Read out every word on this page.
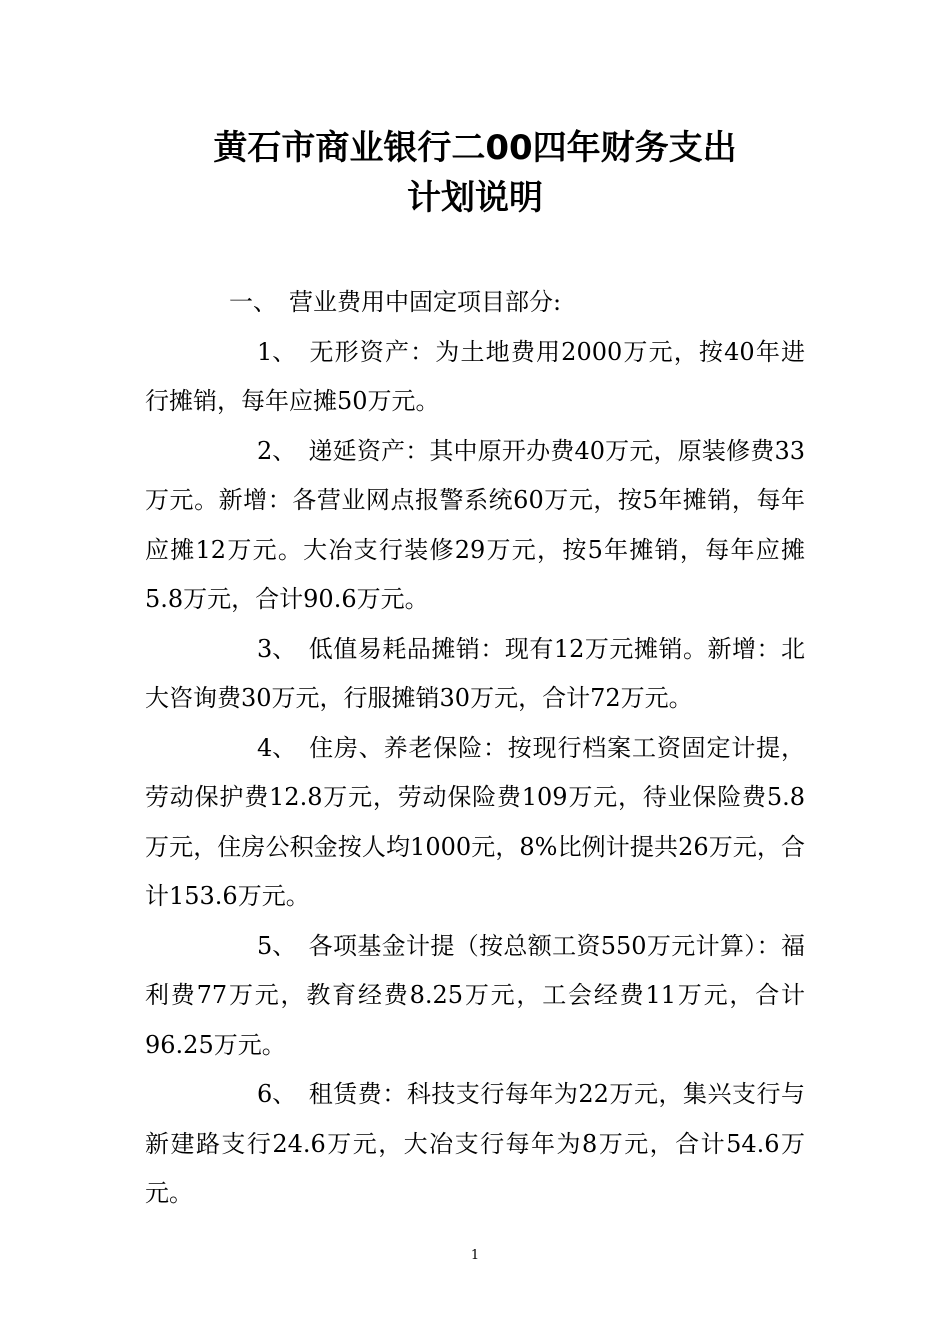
黄石市商业银行二00四年财务支出
计划说明

一、 营业费用中固定项目部分:

1、 无形资产：为土地费用2000万元，按40年进行摊销，每年应摊50万元。

2、 递延资产：其中原开办费40万元，原装修费33万元。新增：各营业网点报警系统60万元，按5年摊销，每年应摊12万元。大冶支行装修29万元，按5年摊销，每年应摊5.8万元，合计90.6万元。

3、 低值易耗品摊销：现有12万元摊销。新增：北大咨询费30万元，行服摊销30万元，合计72万元。

4、 住房、养老保险：按现行档案工资固定计提，劳动保护费12.8万元，劳动保险费109万元，待业保险费5.8万元，住房公积金按人均1000元，8%比例计提共26万元，合计153.6万元。

5、 各项基金计提（按总额工资550万元计算）：福利费77万元，教育经费8.25万元，工会经费11万元，合计96.25万元。

6、 租赁费：科技支行每年为22万元，集兴支行与新建路支行24.6万元，大冶支行每年为8万元，合计54.6万元。

1
